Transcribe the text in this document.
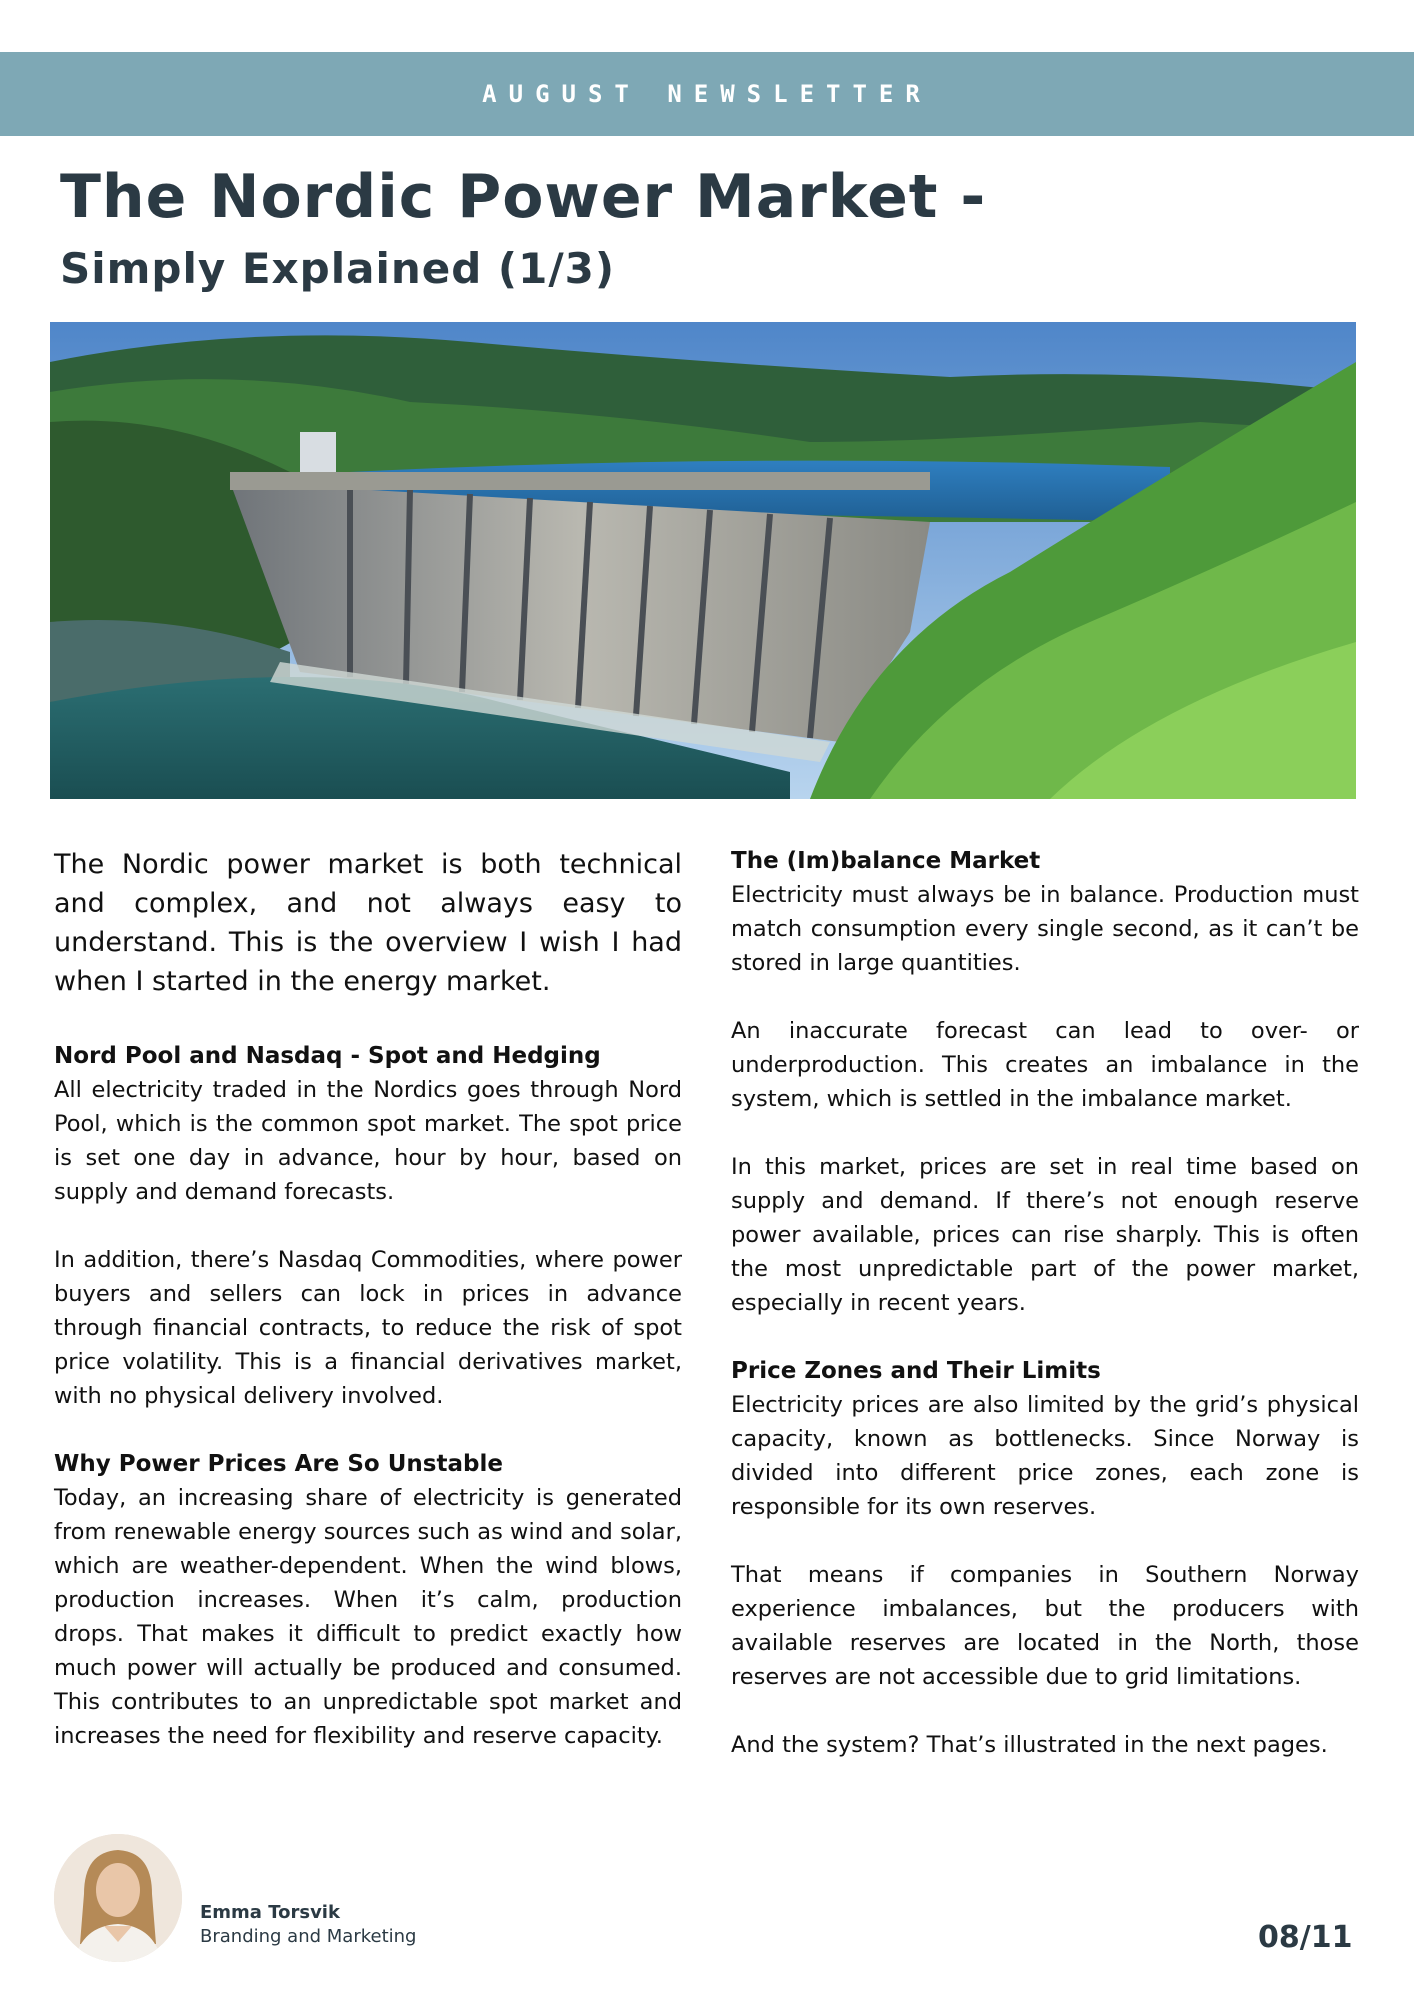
AUGUST NEWSLETTER
The Nordic Power Market -
Simply Explained (1/3)

The Nordic power market is both technical and complex, and not always easy to understand. This is the overview I wish I had when I started in the energy market.

Nord Pool and Nasdaq - Spot and Hedging

All electricity traded in the Nordics goes through Nord Pool, which is the common spot market. The spot price is set one day in advance, hour by hour, based on supply and demand forecasts.

In addition, there’s Nasdaq Commodities, where power buyers and sellers can lock in prices in advance through financial contracts, to reduce the risk of spot price volatility. This is a financial derivatives market, with no physical delivery involved.

Why Power Prices Are So Unstable

Today, an increasing share of electricity is generated from renewable energy sources such as wind and solar, which are weather-dependent. When the wind blows, production increases. When it’s calm, production drops. That makes it difficult to predict exactly how much power will actually be produced and consumed. This contributes to an unpredictable spot market and increases the need for flexibility and reserve capacity.

The (Im)balance Market

Electricity must always be in balance. Production must match consumption every single second, as it can’t be stored in large quantities.

An inaccurate forecast can lead to over- or underproduction. This creates an imbalance in the system, which is settled in the imbalance market.

In this market, prices are set in real time based on supply and demand. If there’s not enough reserve power available, prices can rise sharply. This is often the most unpredictable part of the power market, especially in recent years.

Price Zones and Their Limits

Electricity prices are also limited by the grid’s physical capacity, known as bottlenecks. Since Norway is divided into different price zones, each zone is responsible for its own reserves.

That means if companies in Southern Norway experience imbalances, but the producers with available reserves are located in the North, those reserves are not accessible due to grid limitations.

And the system? That’s illustrated in the next pages.

Emma Torsvik
Branding and Marketing	08/11
